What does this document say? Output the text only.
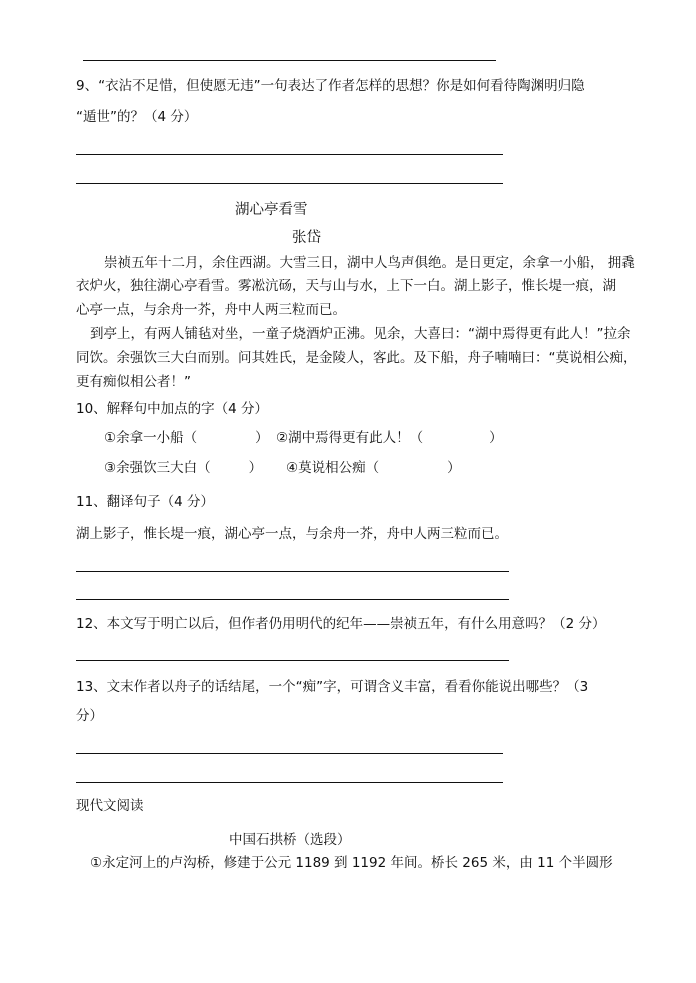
9、“衣沾不足惜，但使愿无违”一句表达了作者怎样的思想？你是如何看待陶渊明归隐
“遁世”的？（4 分）
湖心亭看雪
张岱
崇祯五年十二月，余住西湖。大雪三日，湖中人鸟声俱绝。是日更定，余拿一小船， 拥毳
衣炉火，独往湖心亭看雪。雾凇沆砀，天与山与水，上下一白。湖上影子，惟长堤一痕，湖
心亭一点，与余舟一芥，舟中人两三粒而已。
到亭上，有两人铺毡对坐，一童子烧酒炉正沸。见余，大喜曰：“湖中焉得更有此人！”拉余
同饮。余强饮三大白而别。问其姓氏，是金陵人，客此。及下船，舟子喃喃曰：“莫说相公痴，
更有痴似相公者！”
10、解释句中加点的字（4 分）
①余拿一小船（	） ②湖中焉得更有此人！（	）
③余强饮三大白（	） ④莫说相公痴（	）
11、翻译句子（4 分）
湖上影子，惟长堤一痕，湖心亭一点，与余舟一芥，舟中人两三粒而已。
12、本文写于明亡以后，但作者仍用明代的纪年——崇祯五年，有什么用意吗？（2 分）
13、文末作者以舟子的话结尾，一个“痴”字，可谓含义丰富，看看你能说出哪些？（3
分）
现代文阅读
中国石拱桥（选段）
①永定河上的卢沟桥，修建于公元 1189 到 1192 年间。桥长 265 米，由 11 个半圆形
